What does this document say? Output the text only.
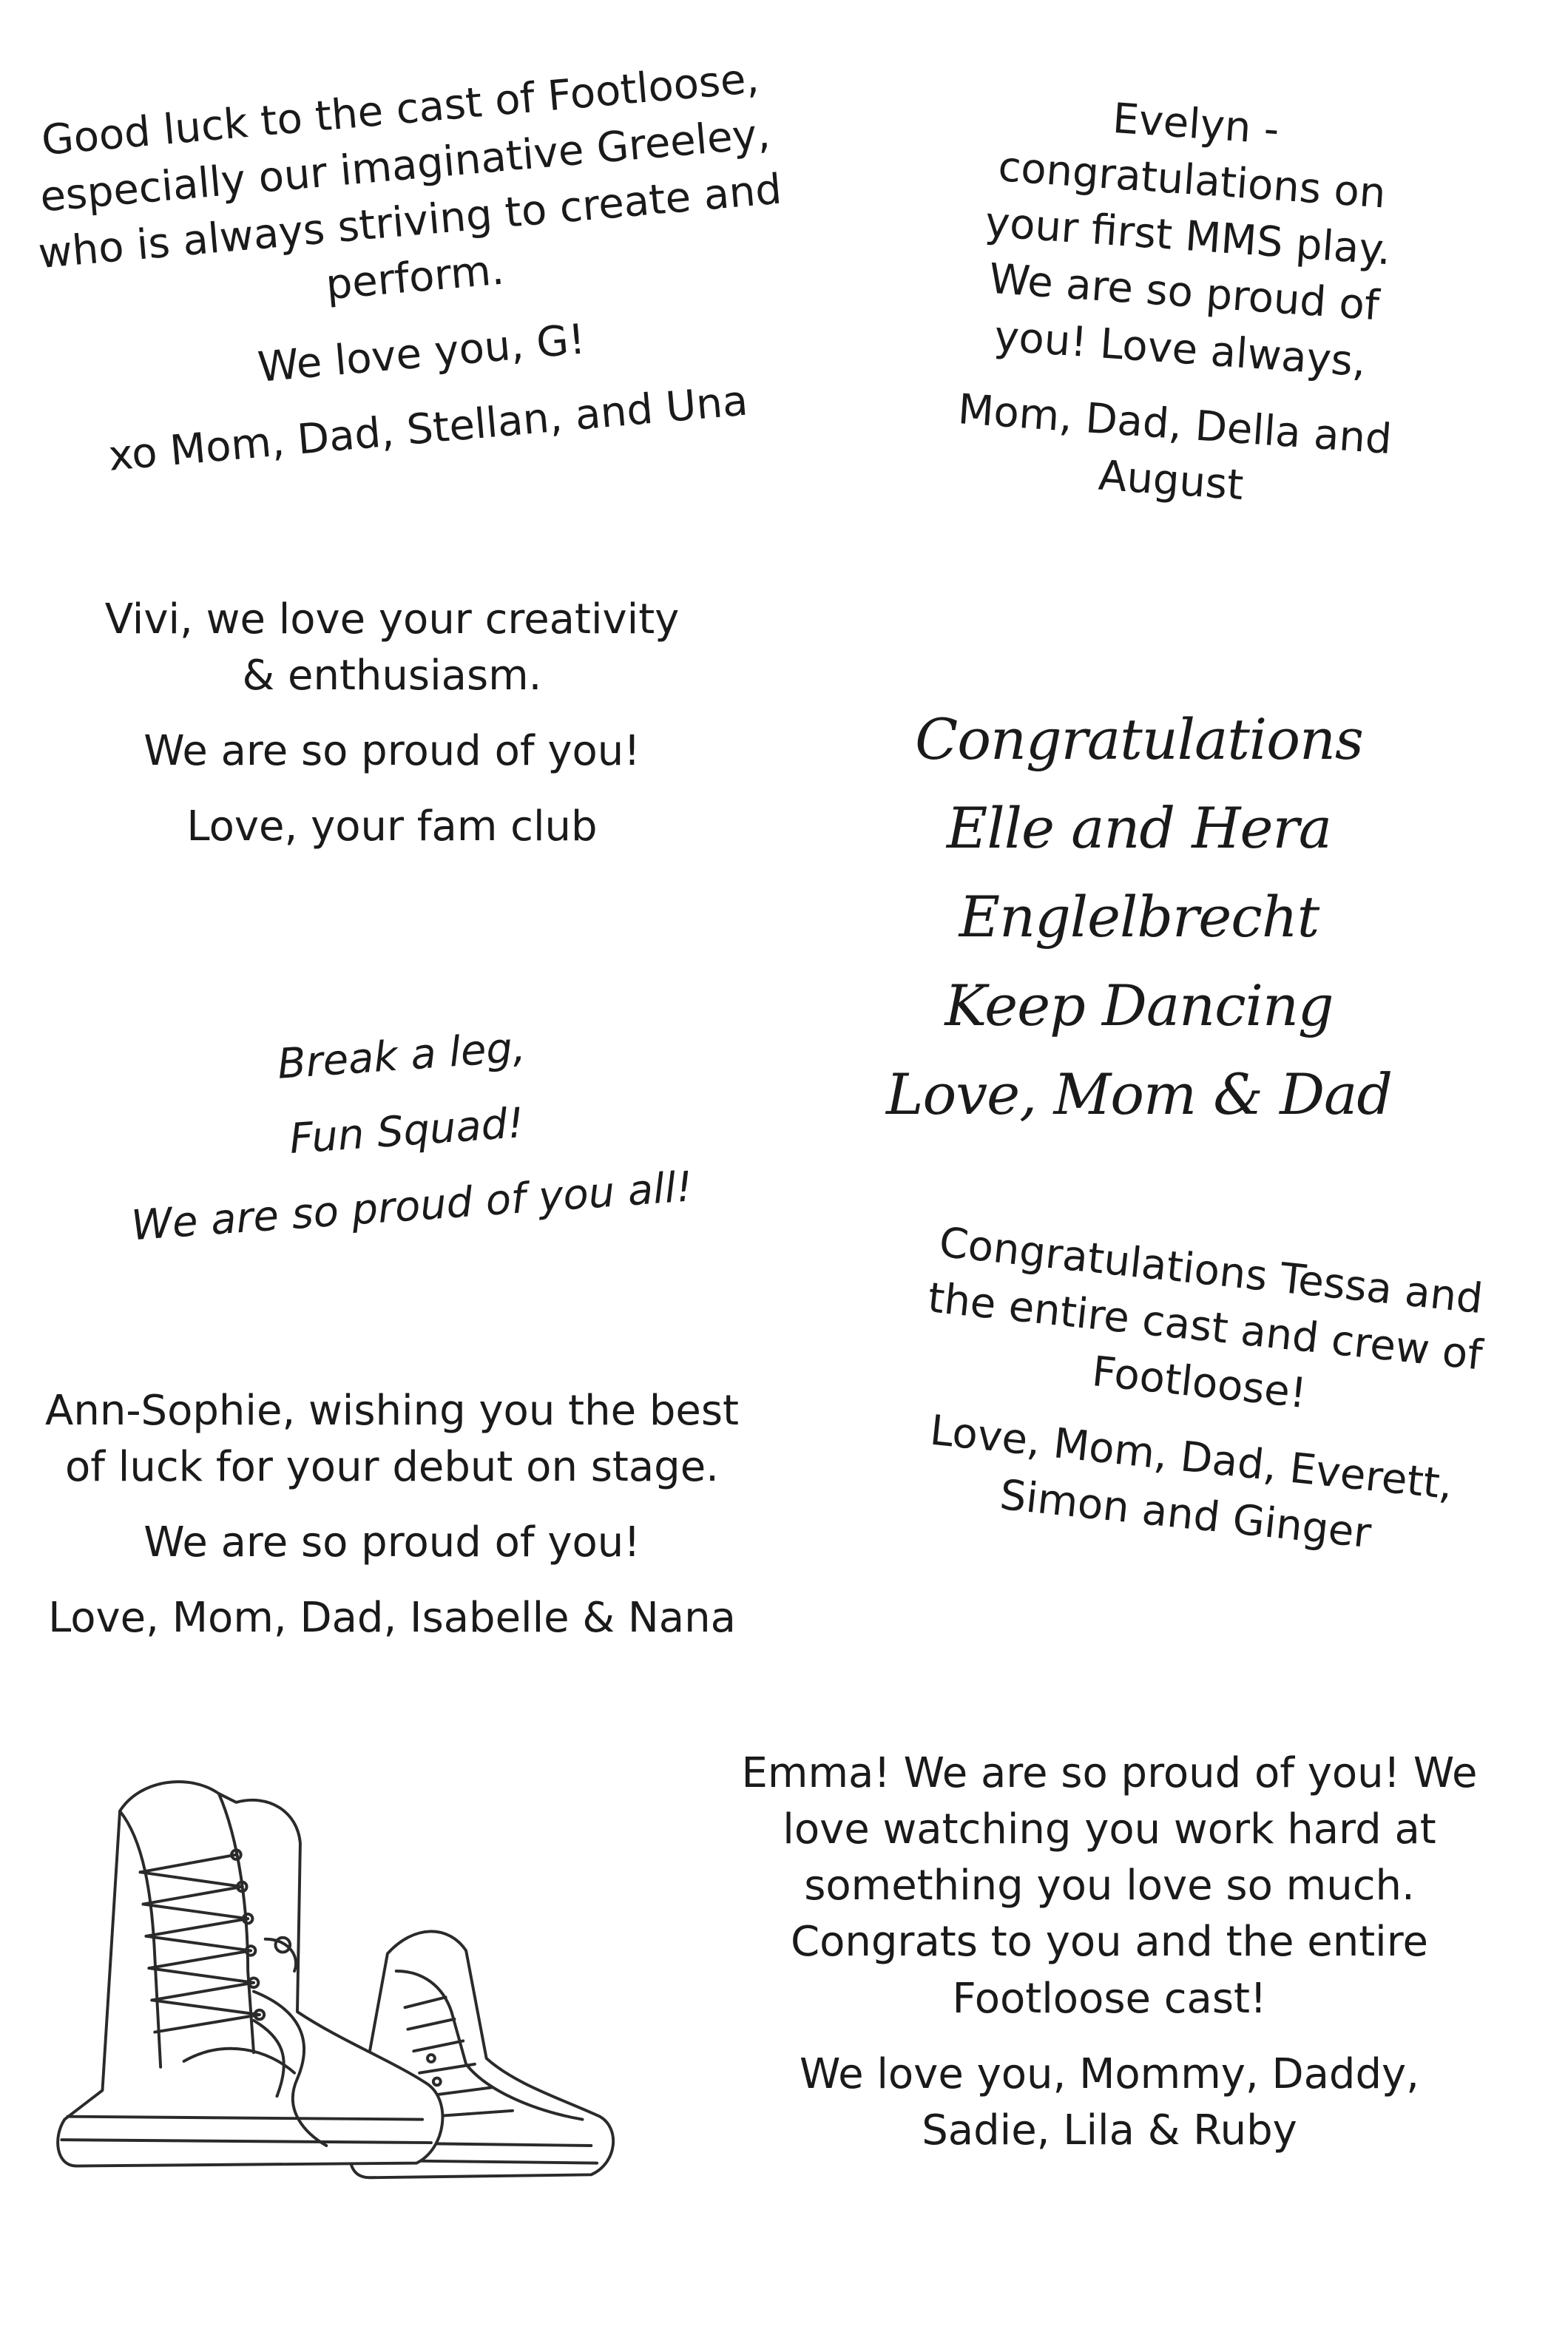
Good luck to the cast of Footloose, especially our imaginative Greeley, who is always striving to create and perform.

We love you, G!

xo Mom, Dad, Stellan, and Una

Evelyn - congratulations on your first MMS play. We are so proud of you! Love always,

Mom, Dad, Della and August

Vivi, we love your creativity & enthusiasm.

We are so proud of you!

Love, your fam club

Congratulations

Elle and Hera Englelbrecht

Keep Dancing

Love, Mom & Dad

Break a leg,

Fun Squad!

We are so proud of you all!

Congratulations Tessa and the entire cast and crew of Footloose!

Love, Mom, Dad, Everett, Simon and Ginger

Ann-Sophie, wishing you the best of luck for your debut on stage.

We are so proud of you!

Love, Mom, Dad, Isabelle & Nana

Emma! We are so proud of you! We love watching you work hard at something you love so much. Congrats to you and the entire Footloose cast!

We love you, Mommy, Daddy, Sadie, Lila & Ruby
